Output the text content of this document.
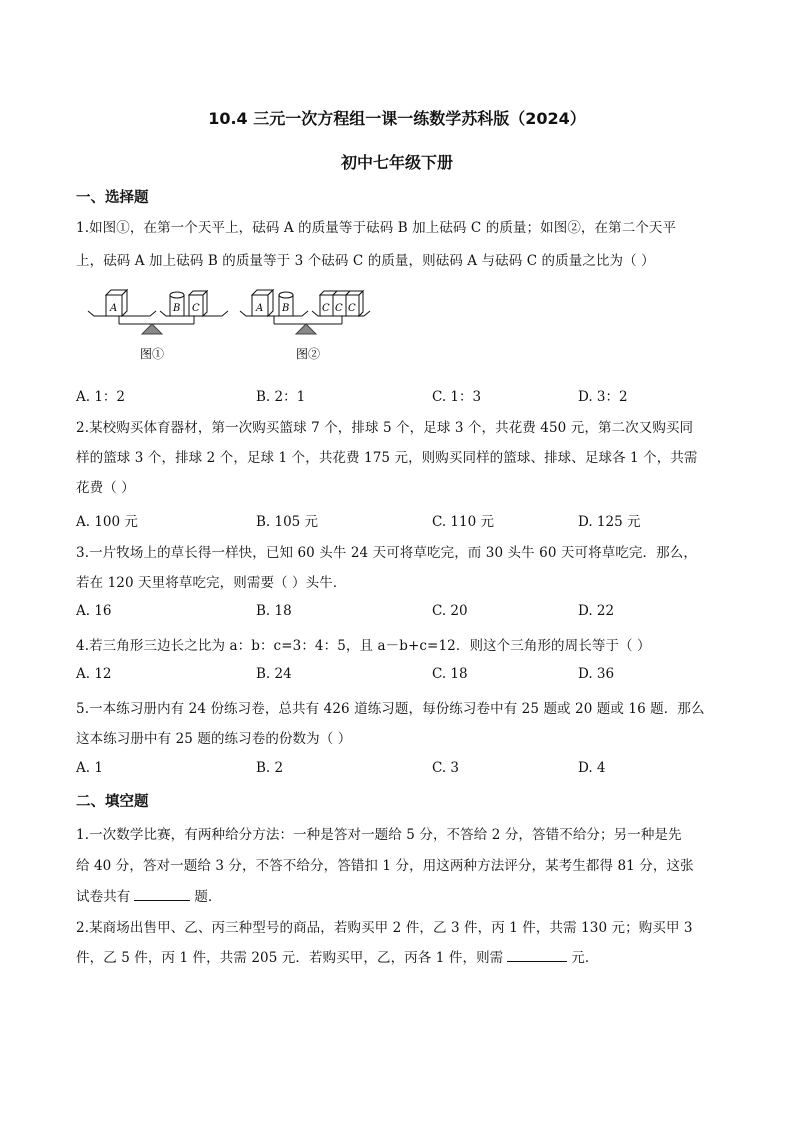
10.4 三元一次方程组一课一练数学苏科版（2024）
初中七年级下册
一、选择题
1.如图①，在第一个天平上，砝码 A 的质量等于砝码 B 加上砝码 C 的质量；如图②，在第二个天平
上，砝码 A 加上砝码 B 的质量等于 3 个砝码 C 的质量，则砝码 A 与砝码 C 的质量之比为（ ）
A	B C
图①
A B	C C C
图②
A. 1：2	B. 2：1	C. 1：3	D. 3：2
2.某校购买体育器材，第一次购买篮球 7 个，排球 5 个，足球 3 个，共花费 450 元，第二次又购买同
样的篮球 3 个，排球 2 个，足球 1 个，共花费 175 元，则购买同样的篮球、排球、足球各 1 个，共需
花费（ ）
A. 100 元	B. 105 元	C. 110 元	D. 125 元
3.一片牧场上的草长得一样快，已知 60 头牛 24 天可将草吃完，而 30 头牛 60 天可将草吃完．那么，
若在 120 天里将草吃完，则需要（ ）头牛．
A. 16	B. 18	C. 20	D. 22
4.若三角形三边长之比为 a：b：c=3：4：5，且 a－b+c=12．则这个三角形的周长等于（ ）
A. 12	B. 24	C. 18	D. 36
5.一本练习册内有 24 份练习卷，总共有 426 道练习题，每份练习卷中有 25 题或 20 题或 16 题．那么
这本练习册中有 25 题的练习卷的份数为（ ）
A. 1	B. 2	C. 3	D. 4
二、填空题
1.一次数学比赛，有两种给分方法：一种是答对一题给 5 分，不答给 2 分，答错不给分；另一种是先
给 40 分，答对一题给 3 分，不答不给分，答错扣 1 分，用这两种方法评分，某考生都得 81 分，这张
试卷共有	题．
2.某商场出售甲、乙、丙三种型号的商品，若购买甲 2 件，乙 3 件，丙 1 件，共需 130 元；购买甲 3
件，乙 5 件，丙 1 件，共需 205 元．若购买甲，乙，丙各 1 件，则需	元．
